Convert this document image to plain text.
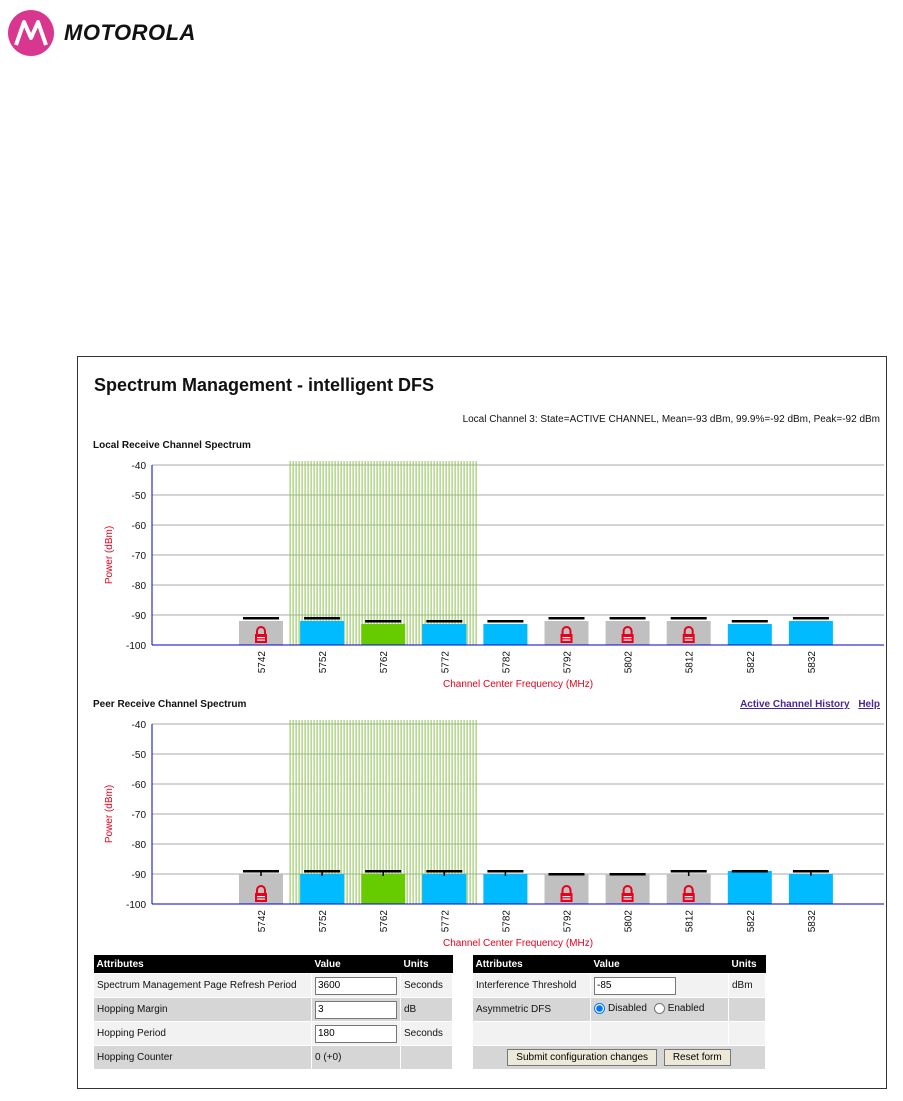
MOTOROLA
Spectrum Management - intelligent DFS
Local Channel 3: State=ACTIVE CHANNEL, Mean=-93 dBm, 99.9%=-92 dBm, Peak=-92 dBm
Local Receive Channel Spectrum
-40
-50
-60
-70
-80
-90
-100
5742	5752	5762	5772	5782	5792	5802	5812	5822	5832
Power (dBm)
Channel Center Frequency (MHz)
Peer Receive Channel Spectrum	Active Channel History Help
-40
-50
-60
-70
-80
-90
-100
5742	5752	5762	5772	5782	5792	5802	5812	5822	5832
Power (dBm)
Channel Center Frequency (MHz)
Attributes	Value	Units
Spectrum Management Page Refresh Period	3600	Seconds
Hopping Margin	3	dB
Hopping Period	180	Seconds
Hopping Counter	0 (+0)	
Attributes	Value	Units
Interference Threshold	-85	dBm
Asymmetric DFS	Disabled
Enabled	

Submit configuration changes Reset form		
